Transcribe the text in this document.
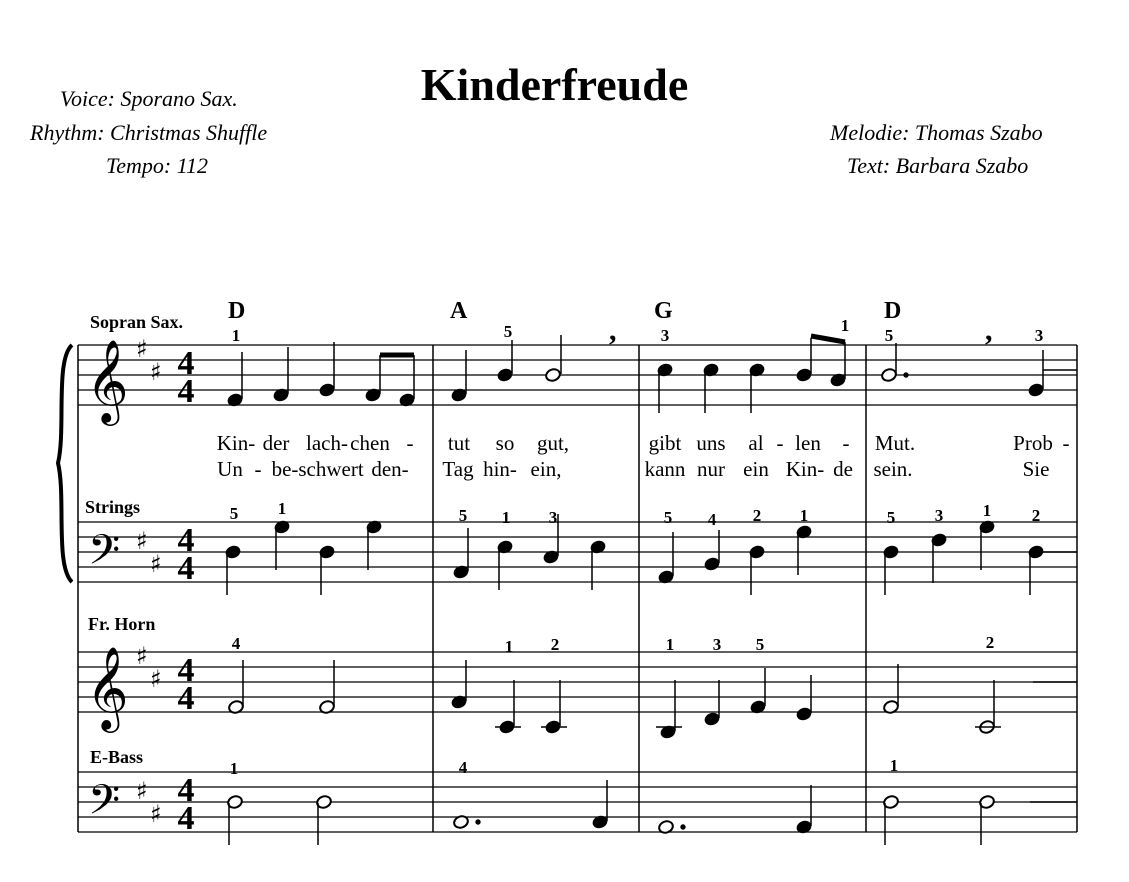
Kinderfreude
Voice: Sporano Sax.
Rhythm: Christmas Shuffle
Tempo: 112
Melodie: Thomas Szabo
Text: Barbara Szabo
Sopran Sax.
Strings
Fr. Horn
E-Bass
𝄞
𝄢
𝄞
𝄢
♯
♯
♯
♯
♯
♯
♯
♯
4
4
4
4
4
4
4
4
D	A	G	D
1	5	3
1
5	3
5 1	5 1 3	5 4 2 1	5 3 1 2
4	1 2	1 3 5	2
1	4	1
,	,
Kin- der lach- chen - tut so gut,	gibt uns al - len - Mut.	Prob -
Un - be- schwert den- Tag hin- ein,	kann nur ein Kin- de sein.	Sie
